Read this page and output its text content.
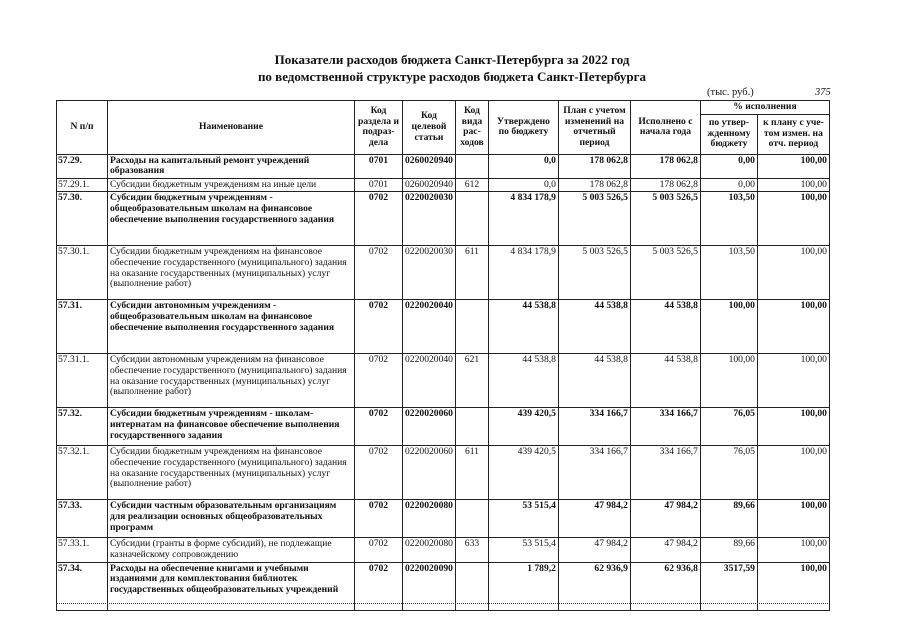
Показатели расходов бюджета Санкт-Петербурга за 2022 год
по ведомственной структуре расходов бюджета Санкт-Петербурга
(тыс. руб.)	375
N п/п	Наименование	Код раздела и подраз-дела	Код целевой статьи	Код вида рас-ходов	Утверждено по бюджету	План с учетом изменений на отчетный период	Исполнено с начала года	% исполнения	
								по утвер-жденному бюджету	к плану с уче-том измен. на отч. период
57.29.	Расходы на капитальный ремонт учреждений образования	0701	0260020940		0,0	178 062,8	178 062,8	0,00	100,00
57.29.1.	Субсидии бюджетным учреждениям на иные цели	0701	0260020940	612	0,0	178 062,8	178 062,8	0,00	100,00
57.30.	Субсидии бюджетным учреждениям - общеобразовательным школам на финансовое обеспечение выполнения государственного задания	0702	0220020030		4 834 178,9	5 003 526,5	5 003 526,5	103,50	100,00
57.30.1.	Субсидии бюджетным учреждениям на финансовое обеспечение государственного (муниципального) задания на оказание государственных (муниципальных) услуг (выполнение работ)	0702	0220020030	611	4 834 178,9	5 003 526,5	5 003 526,5	103,50	100,00
57.31.	Субсидии автономным учреждениям - общеобразовательным школам на финансовое обеспечение выполнения государственного задания	0702	0220020040		44 538,8	44 538,8	44 538,8	100,00	100,00
57.31.1.	Субсидии автономным учреждениям на финансовое обеспечение государственного (муниципального) задания на оказание государственных (муниципальных) услуг (выполнение работ)	0702	0220020040	621	44 538,8	44 538,8	44 538,8	100,00	100,00
57.32.	Субсидии бюджетным учреждениям - школам-интернатам на финансовое обеспечение выполнения государственного задания	0702	0220020060		439 420,5	334 166,7	334 166,7	76,05	100,00
57.32.1.	Субсидии бюджетным учреждениям на финансовое обеспечение государственного (муниципального) задания на оказание государственных (муниципальных) услуг (выполнение работ)	0702	0220020060	611	439 420,5	334 166,7	334 166,7	76,05	100,00
57.33.	Субсидии частным образовательным организациям для реализации основных общеобразовательных программ	0702	0220020080		53 515,4	47 984,2	47 984,2	89,66	100,00
57.33.1.	Субсидии (гранты в форме субсидий), не подлежащие казначейскому сопровождению	0702	0220020080	633	53 515,4	47 984,2	47 984,2	89,66	100,00
57.34.	Расходы на обеспечение книгами и учебными изданиями для комплектования библиотек государственных общеобразовательных учреждений	0702	0220020090		1 789,2	62 936,9	62 936,8	3517,59	100,00
